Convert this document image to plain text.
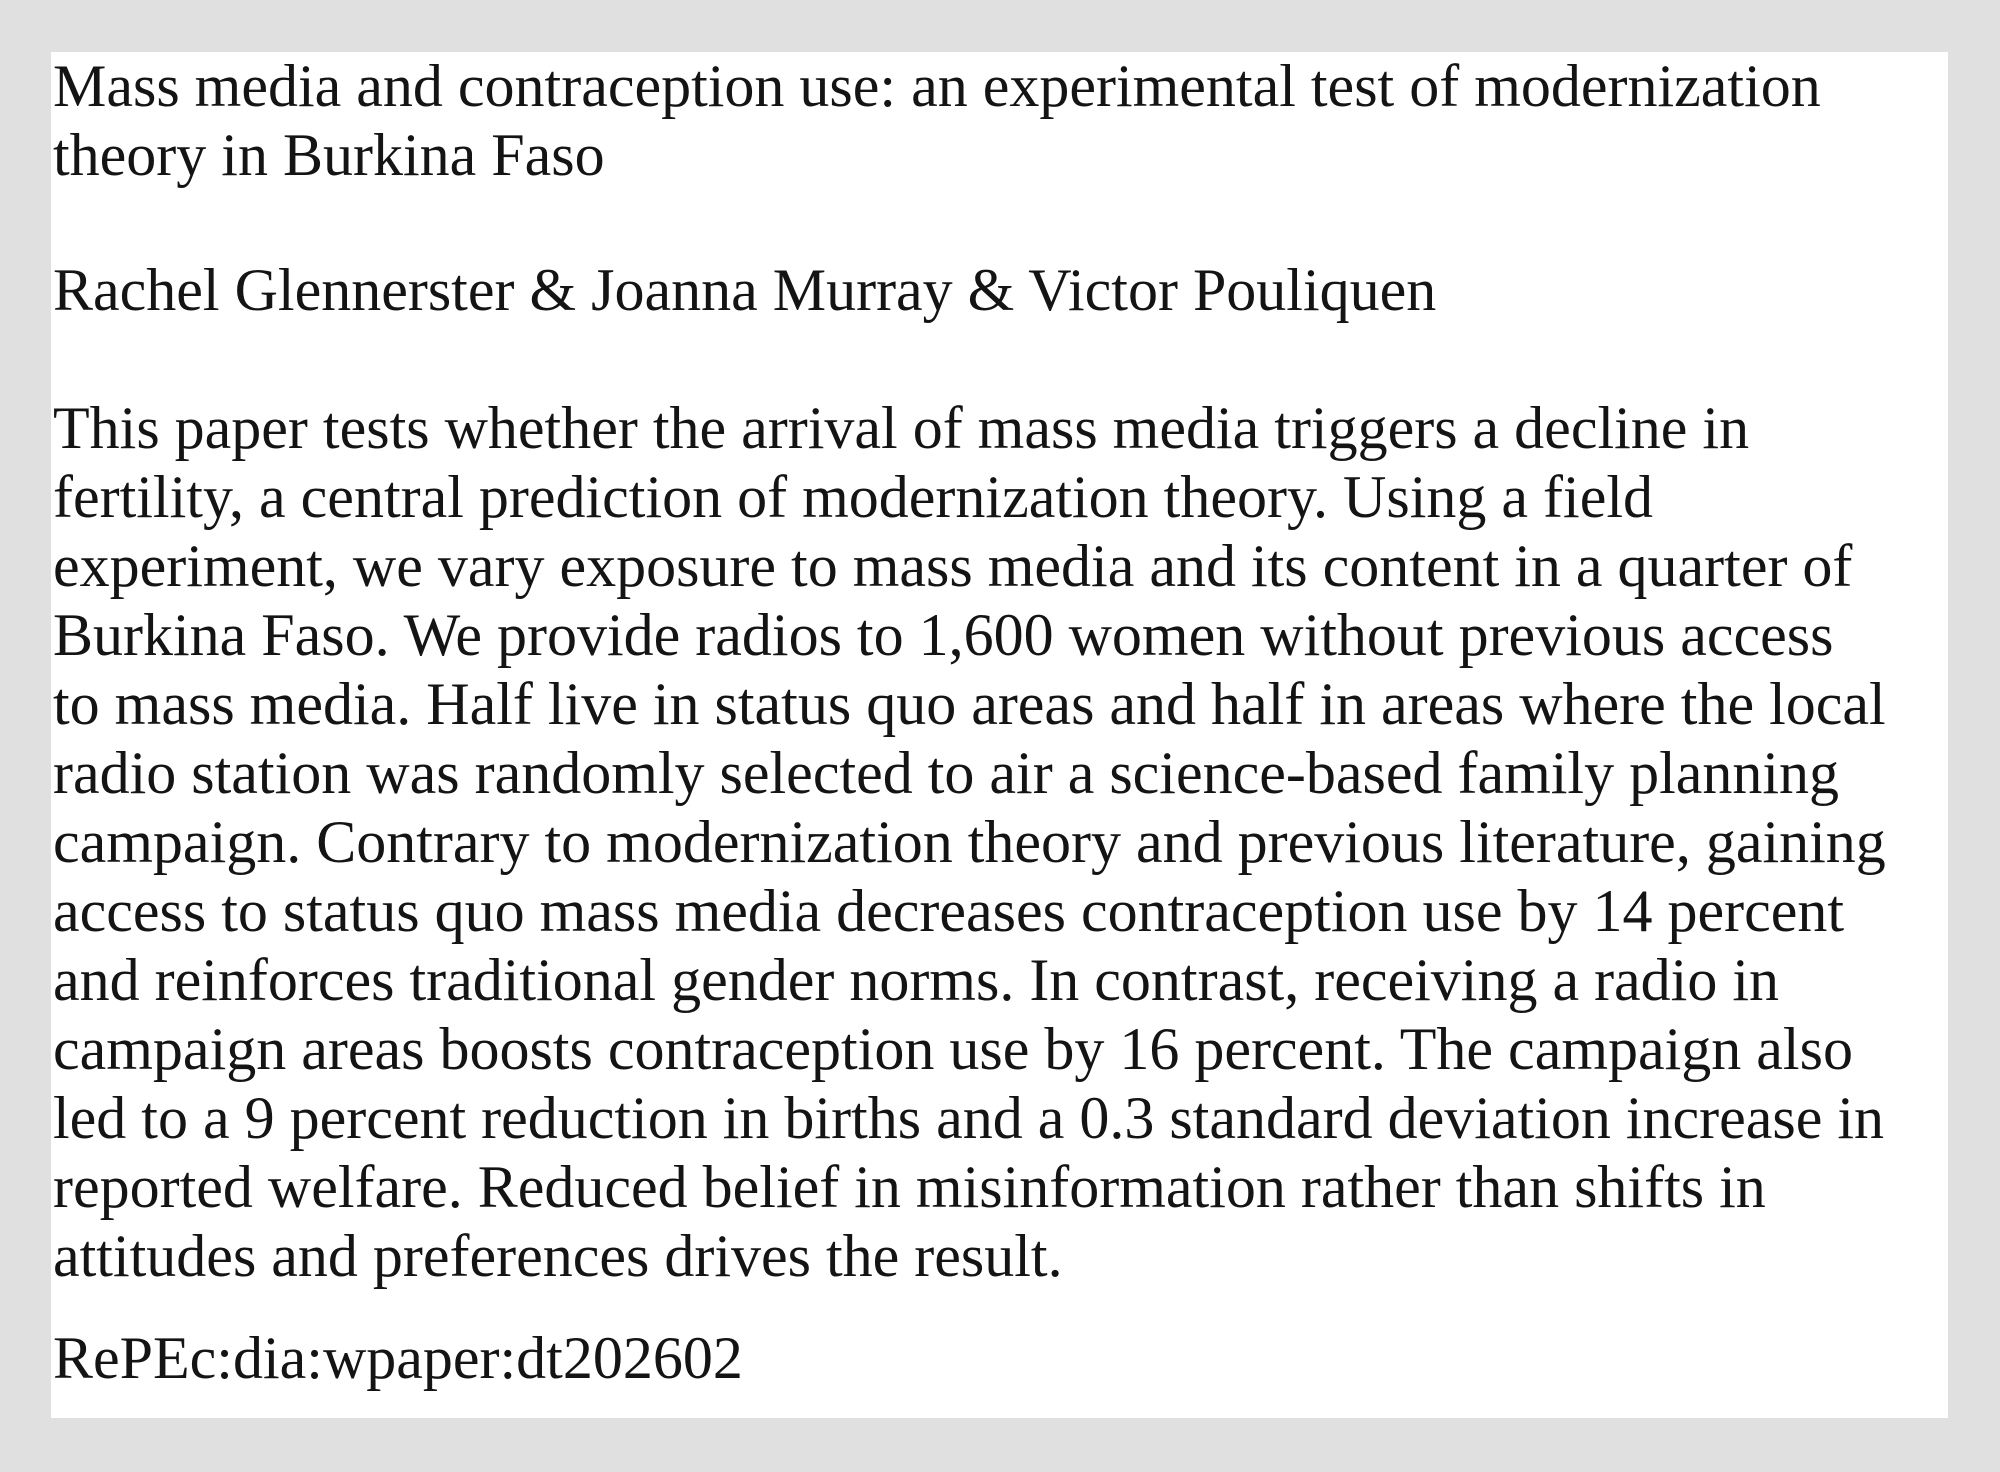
Mass media and contraception use: an experimental test of modernization
theory in Burkina Faso
Rachel Glennerster & Joanna Murray & Victor Pouliquen
This paper tests whether the arrival of mass media triggers a decline in
fertility, a central prediction of modernization theory. Using a field
experiment, we vary exposure to mass media and its content in a quarter of
Burkina Faso. We provide radios to 1,600 women without previous access
to mass media. Half live in status quo areas and half in areas where the local
radio station was randomly selected to air a science-based family planning
campaign. Contrary to modernization theory and previous literature, gaining
access to status quo mass media decreases contraception use by 14 percent
and reinforces traditional gender norms. In contrast, receiving a radio in
campaign areas boosts contraception use by 16 percent. The campaign also
led to a 9 percent reduction in births and a 0.3 standard deviation increase in
reported welfare. Reduced belief in misinformation rather than shifts in
attitudes and preferences drives the result.
RePEc:dia:wpaper:dt202602
